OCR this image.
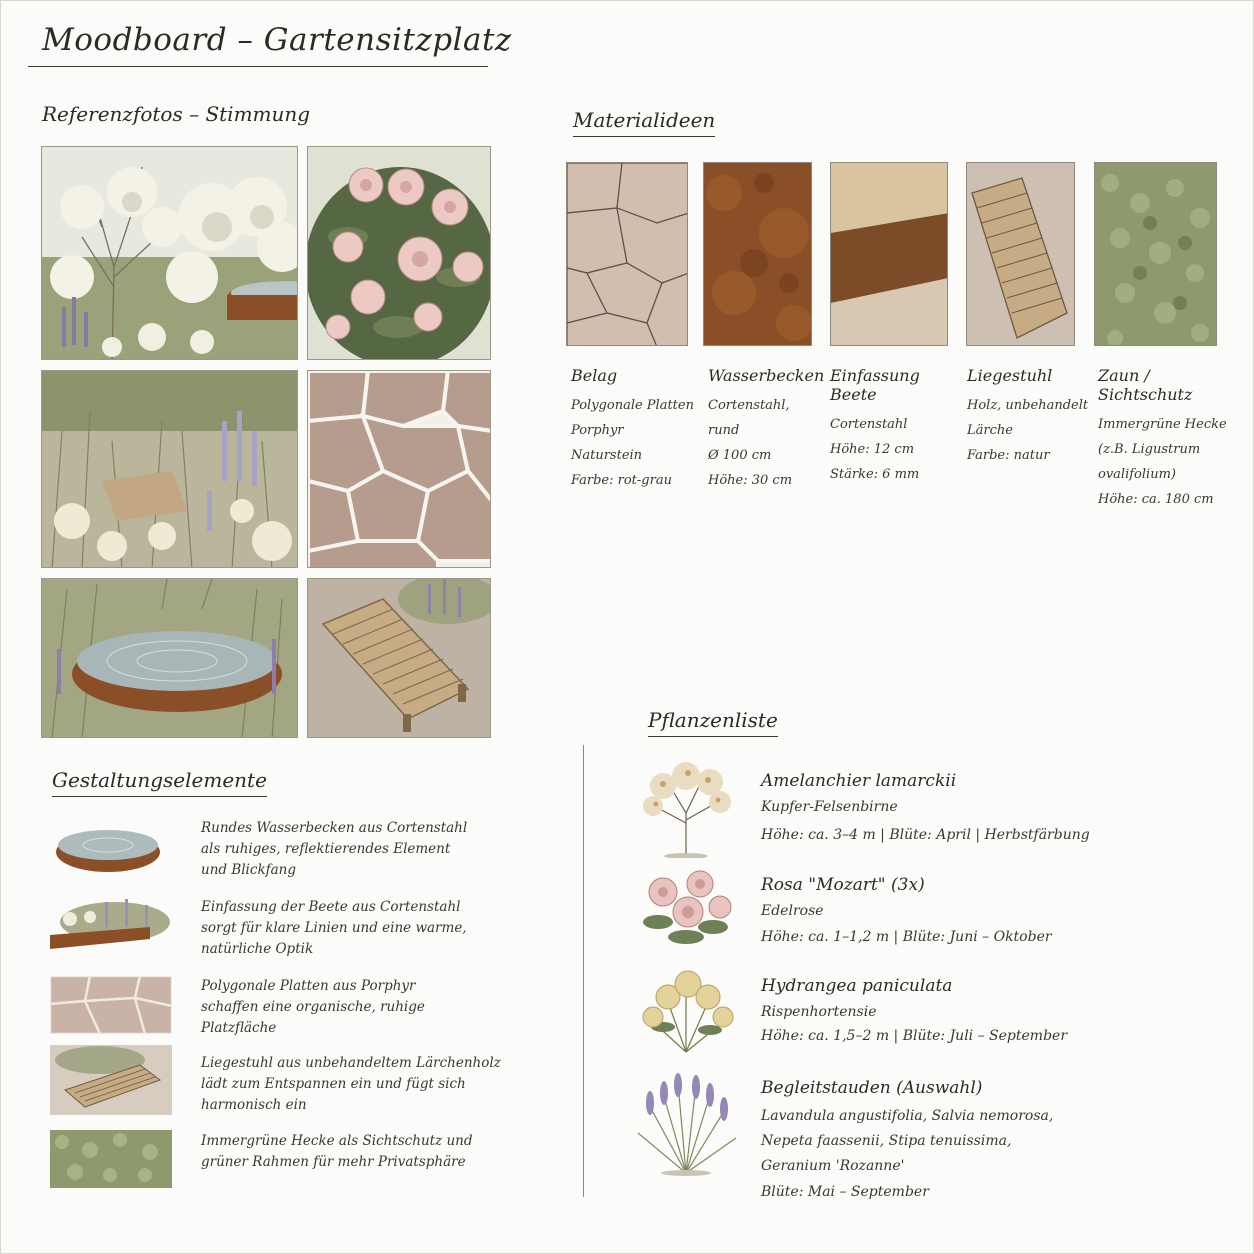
Moodboard – Gartensitzplatz
Referenzfotos – Stimmung	Materialideen
Belag
Polygonale Platten
Porphyr
Naturstein
Farbe: rot-grau
Wasserbecken
Cortenstahl,
rund
Ø 100 cm
Höhe: 30 cm
Einfassung Beete
Cortenstahl
Höhe: 12 cm
Stärke: 6 mm
Liegestuhl
Holz, unbehandelt
Lärche
Farbe: natur
Zaun / Sichtschutz
Immergrüne Hecke
(z.B. Ligustrum
ovalifolium)
Höhe: ca. 180 cm
Gestaltungselemente
Rundes Wasserbecken aus Cortenstahl
als ruhiges, reflektierendes Element
und Blickfang
Einfassung der Beete aus Cortenstahl
sorgt für klare Linien und eine warme,
natürliche Optik
Polygonale Platten aus Porphyr
schaffen eine organische, ruhige
Platzfläche
Liegestuhl aus unbehandeltem Lärchenholz
lädt zum Entspannen ein und fügt sich
harmonisch ein
Immergrüne Hecke als Sichtschutz und
grüner Rahmen für mehr Privatsphäre
Pflanzenliste
Amelanchier lamarckii
Kupfer-Felsenbirne
Höhe: ca. 3–4 m | Blüte: April | Herbstfärbung
Rosa "Mozart" (3x)
Edelrose
Höhe: ca. 1–1,2 m | Blüte: Juni – Oktober
Hydrangea paniculata
Rispenhortensie
Höhe: ca. 1,5–2 m | Blüte: Juli – September
Begleitstauden (Auswahl)
Lavandula angustifolia, Salvia nemorosa,
Nepeta faassenii, Stipa tenuissima,
Geranium 'Rozanne'
Blüte: Mai – September
